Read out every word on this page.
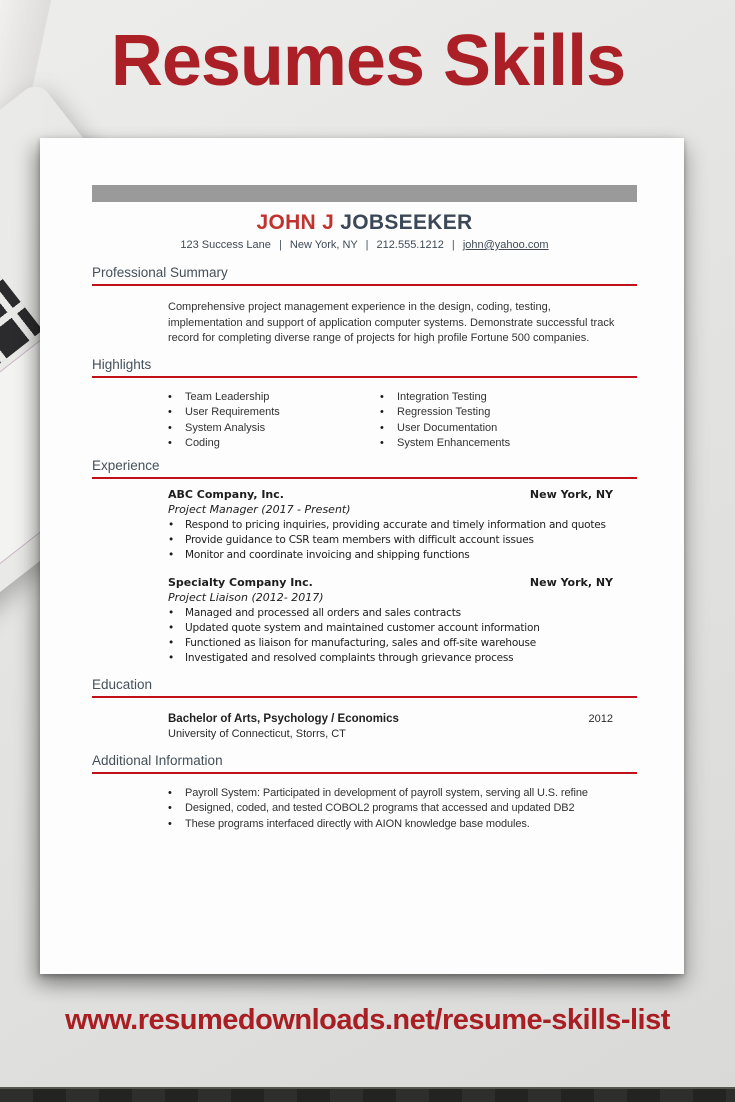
Resumes Skills
JOHN J JOBSEEKER
123 Success Lane | New York, NY | 212.555.1212 | john@yahoo.com
Professional Summary
Comprehensive project management experience in the design, coding, testing, implementation and support of application computer systems. Demonstrate successful track record for completing diverse range of projects for high profile Fortune 500 companies.
Highlights
•	Team Leadership
•	User Requirements
•	System Analysis
•	Coding
•	Integration Testing
•	Regression Testing
•	User Documentation
•	System Enhancements
Experience
ABC Company, Inc.	New York, NY
Project Manager (2017 - Present)
• Respond to pricing inquiries, providing accurate and timely information and quotes
• Provide guidance to CSR team members with difficult account issues
• Monitor and coordinate invoicing and shipping functions
Specialty Company Inc.	New York, NY
Project Liaison (2012- 2017)
• Managed and processed all orders and sales contracts
• Updated quote system and maintained customer account information
• Functioned as liaison for manufacturing, sales and off-site warehouse
• Investigated and resolved complaints through grievance process
Education
Bachelor of Arts, Psychology / Economics	2012
University of Connecticut, Storrs, CT
Additional Information
•	Payroll System: Participated in development of payroll system, serving all U.S. refine
•	Designed, coded, and tested COBOL2 programs that accessed and updated DB2
•	These programs interfaced directly with AION knowledge base modules.
www.resumedownloads.net/resume-skills-list
